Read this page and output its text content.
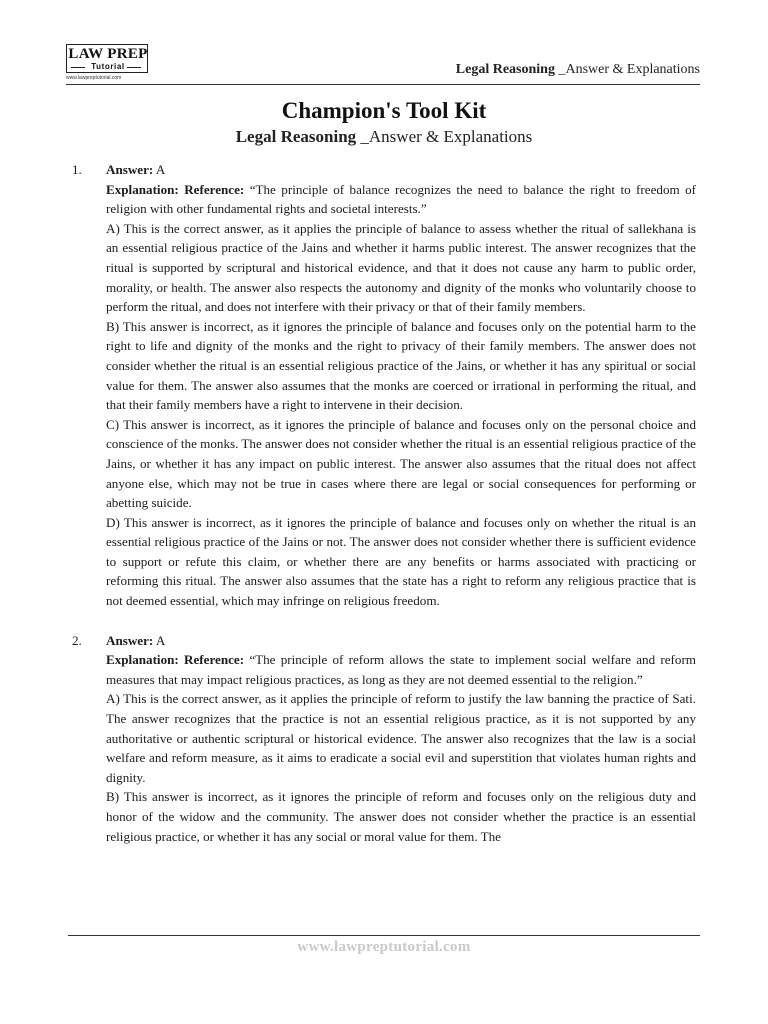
LAW PREP
Tutorial
www.lawpreptutorial.com
Legal Reasoning _Answer & Explanations
Champion's Tool Kit
Legal Reasoning _Answer & Explanations
1. Answer: A

Explanation: Reference: “The principle of balance recognizes the need to balance the right to freedom of religion with other fundamental rights and societal interests.”

A) This is the correct answer, as it applies the principle of balance to assess whether the ritual of sallekhana is an essential religious practice of the Jains and whether it harms public interest. The answer recognizes that the ritual is supported by scriptural and historical evidence, and that it does not cause any harm to public order, morality, or health. The answer also respects the autonomy and dignity of the monks who voluntarily choose to perform the ritual, and does not interfere with their privacy or that of their family members.

B) This answer is incorrect, as it ignores the principle of balance and focuses only on the potential harm to the right to life and dignity of the monks and the right to privacy of their family members. The answer does not consider whether the ritual is an essential religious practice of the Jains, or whether it has any spiritual or social value for them. The answer also assumes that the monks are coerced or irrational in performing the ritual, and that their family members have a right to intervene in their decision.

C) This answer is incorrect, as it ignores the principle of balance and focuses only on the personal choice and conscience of the monks. The answer does not consider whether the ritual is an essential religious practice of the Jains, or whether it has any impact on public interest. The answer also assumes that the ritual does not affect anyone else, which may not be true in cases where there are legal or social consequences for performing or abetting suicide.

D) This answer is incorrect, as it ignores the principle of balance and focuses only on whether the ritual is an essential religious practice of the Jains or not. The answer does not consider whether there is sufficient evidence to support or refute this claim, or whether there are any benefits or harms associated with practicing or reforming this ritual. The answer also assumes that the state has a right to reform any religious practice that is not deemed essential, which may infringe on religious freedom.

2. Answer: A

Explanation: Reference: “The principle of reform allows the state to implement social welfare and reform measures that may impact religious practices, as long as they are not deemed essential to the religion.”

A) This is the correct answer, as it applies the principle of reform to justify the law banning the practice of Sati. The answer recognizes that the practice is not an essential religious practice, as it is not supported by any authoritative or authentic scriptural or historical evidence. The answer also recognizes that the law is a social welfare and reform measure, as it aims to eradicate a social evil and superstition that violates human rights and dignity.

B) This answer is incorrect, as it ignores the principle of reform and focuses only on the religious duty and honor of the widow and the community. The answer does not consider whether the practice is an essential religious practice, or whether it has any social or moral value for them. The

www.lawpreptutorial.com
